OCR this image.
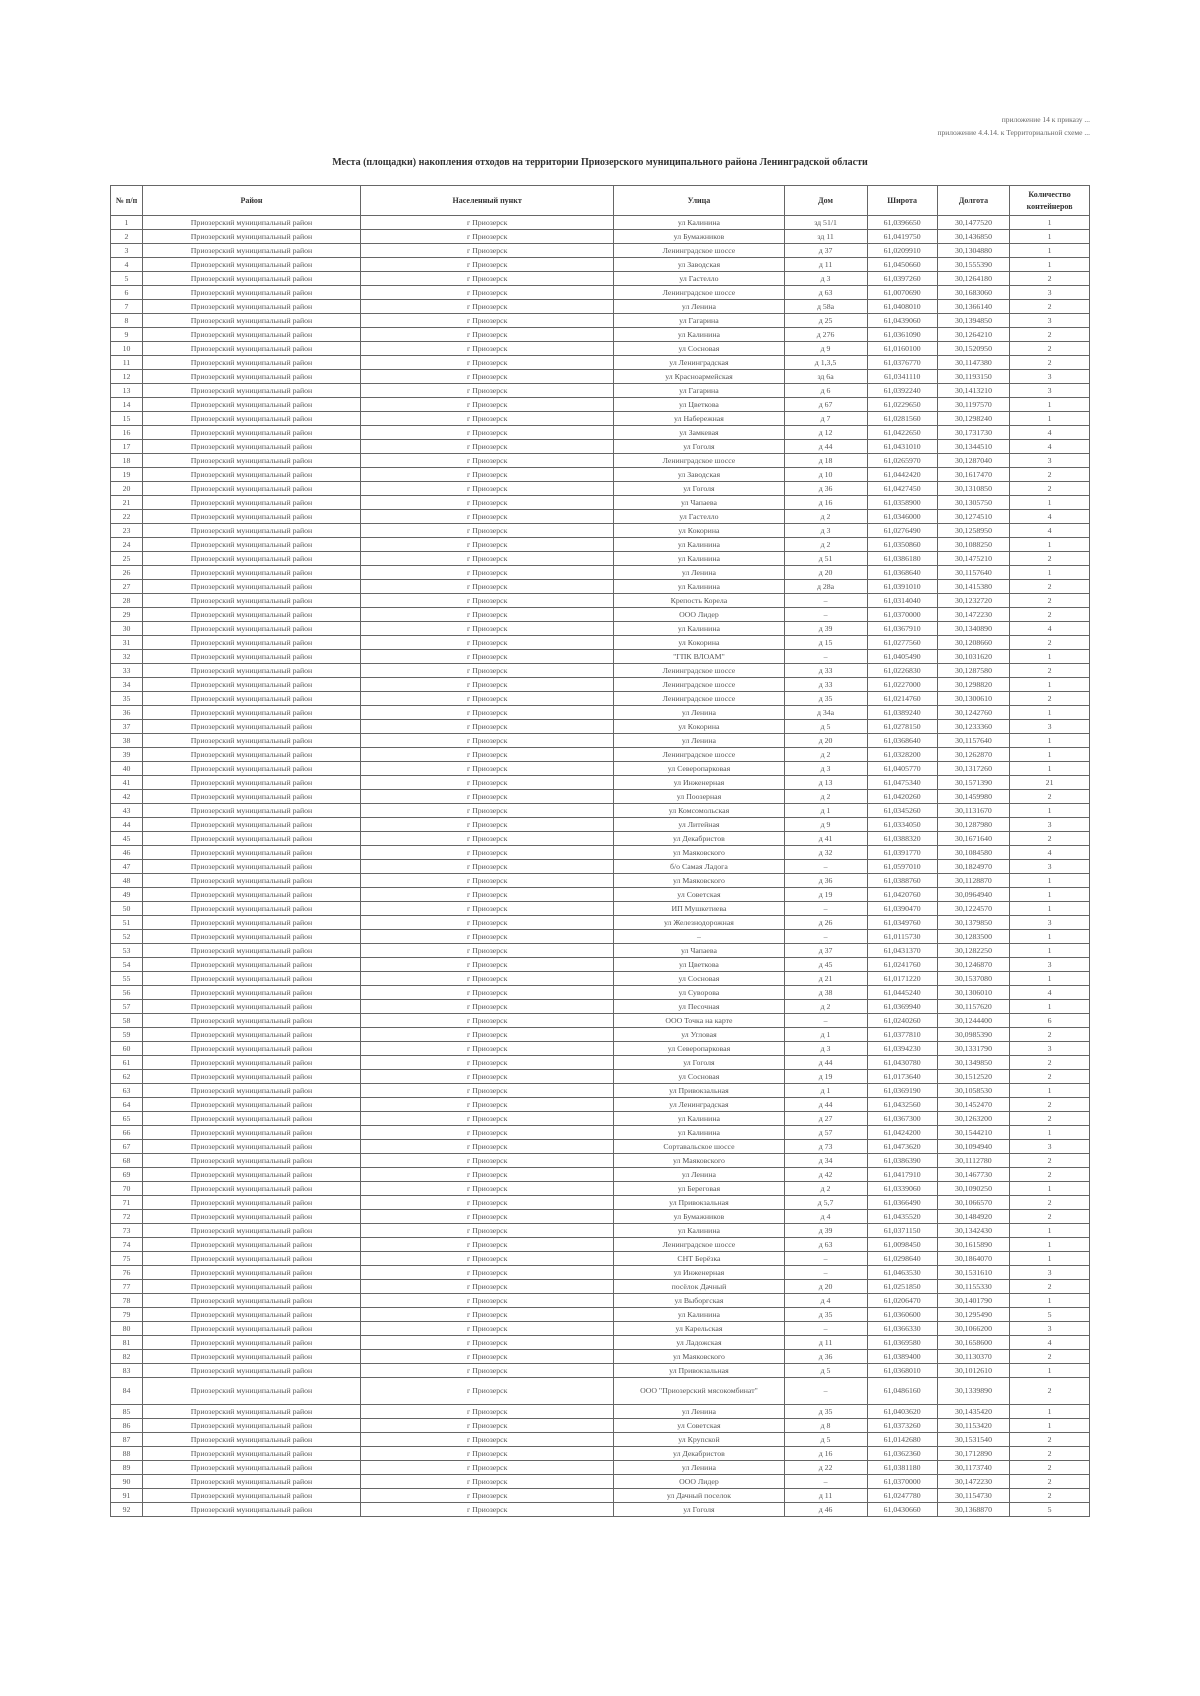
приложение 14 к приказу ...
приложение 4.4.14. к Территориальной схеме ...
Места (площадки) накопления отходов на территории Приозерского муниципального района Ленинградской области
№ п/п	Район	Населенный пункт	Улица	Дом	Широта	Долгота	Количество контейнеров
1	Приозерский муниципальный район	г Приозерск	ул Калинина	зд 51/1	61,0396650	30,1477520	1
2	Приозерский муниципальный район	г Приозерск	ул Бумажников	зд 11	61,0419750	30,1436850	1
3	Приозерский муниципальный район	г Приозерск	Ленинградское шоссе	д 37	61,0209910	30,1304880	1
4	Приозерский муниципальный район	г Приозерск	ул Заводская	д 11	61,0450660	30,1555390	1
5	Приозерский муниципальный район	г Приозерск	ул Гастелло	д 3	61,0397260	30,1264180	2
6	Приозерский муниципальный район	г Приозерск	Ленинградское шоссе	д 63	61,0070690	30,1683060	3
7	Приозерский муниципальный район	г Приозерск	ул Ленина	д 58а	61,0408010	30,1366140	2
8	Приозерский муниципальный район	г Приозерск	ул Гагарина	д 25	61,0439060	30,1394850	3
9	Приозерский муниципальный район	г Приозерск	ул Калинина	д 276	61,0361090	30,1264210	2
10	Приозерский муниципальный район	г Приозерск	ул Сосновая	д 9	61,0160100	30,1520950	2
11	Приозерский муниципальный район	г Приозерск	ул Ленинградская	д 1,3,5	61,0376770	30,1147380	2
12	Приозерский муниципальный район	г Приозерск	ул Красноармейская	зд 6а	61,0341110	30,1193150	3
13	Приозерский муниципальный район	г Приозерск	ул Гагарина	д 6	61,0392240	30,1413210	3
14	Приозерский муниципальный район	г Приозерск	ул Цветкова	д 67	61,0229650	30,1197570	1
15	Приозерский муниципальный район	г Приозерск	ул Набережная	д 7	61,0281560	30,1298240	1
16	Приозерский муниципальный район	г Приозерск	ул Замкевая	д 12	61,0422650	30,1731730	4
17	Приозерский муниципальный район	г Приозерск	ул Гоголя	д 44	61,0431010	30,1344510	4
18	Приозерский муниципальный район	г Приозерск	Ленинградское шоссе	д 18	61,0265970	30,1287040	3
19	Приозерский муниципальный район	г Приозерск	ул Заводская	д 10	61,0442420	30,1617470	2
20	Приозерский муниципальный район	г Приозерск	ул Гоголя	д 36	61,0427450	30,1310850	2
21	Приозерский муниципальный район	г Приозерск	ул Чапаева	д 16	61,0358900	30,1305750	1
22	Приозерский муниципальный район	г Приозерск	ул Гастелло	д 2	61,0346000	30,1274510	4
23	Приозерский муниципальный район	г Приозерск	ул Кокорина	д 3	61,0276490	30,1258950	4
24	Приозерский муниципальный район	г Приозерск	ул Калинина	д 2	61,0350860	30,1088250	1
25	Приозерский муниципальный район	г Приозерск	ул Калинина	д 51	61,0386180	30,1475210	2
26	Приозерский муниципальный район	г Приозерск	ул Ленина	д 20	61,0368640	30,1157640	1
27	Приозерский муниципальный район	г Приозерск	ул Калинина	д 28а	61,0391010	30,1415380	2
28	Приозерский муниципальный район	г Приозерск	Крепость Корела	–	61,0314040	30,1232720	2
29	Приозерский муниципальный район	г Приозерск	ООО Лидер	–	61,0370000	30,1472230	2
30	Приозерский муниципальный район	г Приозерск	ул Калинина	д 39	61,0367910	30,1340890	4
31	Приозерский муниципальный район	г Приозерск	ул Кокорина	д 15	61,0277560	30,1208660	2
32	Приозерский муниципальный район	г Приозерск	"ГПК ВЛОАМ"	–	61,0405490	30,1031620	1
33	Приозерский муниципальный район	г Приозерск	Ленинградское шоссе	д 33	61,0226830	30,1287580	2
34	Приозерский муниципальный район	г Приозерск	Ленинградское шоссе	д 33	61,0227000	30,1298820	1
35	Приозерский муниципальный район	г Приозерск	Ленинградское шоссе	д 35	61,0214760	30,1300610	2
36	Приозерский муниципальный район	г Приозерск	ул Ленина	д 34а	61,0389240	30,1242760	1
37	Приозерский муниципальный район	г Приозерск	ул Кокорина	д 5	61,0278150	30,1233360	3
38	Приозерский муниципальный район	г Приозерск	ул Ленина	д 20	61,0368640	30,1157640	1
39	Приозерский муниципальный район	г Приозерск	Ленинградское шоссе	д 2	61,0328200	30,1262870	1
40	Приозерский муниципальный район	г Приозерск	ул Северопарковая	д 3	61,0405770	30,1317260	1
41	Приозерский муниципальный район	г Приозерск	ул Инженерная	д 13	61,0475340	30,1571390	21
42	Приозерский муниципальный район	г Приозерск	ул Поозерная	д 2	61,0420260	30,1459980	2
43	Приозерский муниципальный район	г Приозерск	ул Комсомольская	д 1	61,0345260	30,1131670	1
44	Приозерский муниципальный район	г Приозерск	ул Литейная	д 9	61,0334050	30,1287980	3
45	Приозерский муниципальный район	г Приозерск	ул Декабристов	д 41	61,0388320	30,1671640	2
46	Приозерский муниципальный район	г Приозерск	ул Маяковского	д 32	61,0391770	30,1084580	4
47	Приозерский муниципальный район	г Приозерск	б/о Самая Ладога	–	61,0597010	30,1824970	3
48	Приозерский муниципальный район	г Приозерск	ул Маяковского	д 36	61,0388760	30,1128870	1
49	Приозерский муниципальный район	г Приозерск	ул Советская	д 19	61,0420760	30,0964940	1
50	Приозерский муниципальный район	г Приозерск	ИП Мушкетиева	–	61,0390470	30,1224570	1
51	Приозерский муниципальный район	г Приозерск	ул Железнодорожная	д 26	61,0349760	30,1379850	3
52	Приозерский муниципальный район	г Приозерск	–	–	61,0115730	30,1283500	1
53	Приозерский муниципальный район	г Приозерск	ул Чапаева	д 37	61,0431370	30,1282250	1
54	Приозерский муниципальный район	г Приозерск	ул Цветкова	д 45	61,0241760	30,1246870	3
55	Приозерский муниципальный район	г Приозерск	ул Сосновая	д 21	61,0171220	30,1537080	1
56	Приозерский муниципальный район	г Приозерск	ул Суворова	д 38	61,0445240	30,1306010	4
57	Приозерский муниципальный район	г Приозерск	ул Песочная	д 2	61,0369940	30,1157620	1
58	Приозерский муниципальный район	г Приозерск	ООО Точка на карте	–	61,0240260	30,1244400	6
59	Приозерский муниципальный район	г Приозерск	ул Угловая	д 1	61,0377810	30,0985390	2
60	Приозерский муниципальный район	г Приозерск	ул Северопарковая	д 3	61,0394230	30,1331790	3
61	Приозерский муниципальный район	г Приозерск	ул Гоголя	д 44	61,0430780	30,1349850	2
62	Приозерский муниципальный район	г Приозерск	ул Сосновая	д 19	61,0173640	30,1512520	2
63	Приозерский муниципальный район	г Приозерск	ул Привокзальная	д 1	61,0369190	30,1058530	1
64	Приозерский муниципальный район	г Приозерск	ул Ленинградская	д 44	61,0432560	30,1452470	2
65	Приозерский муниципальный район	г Приозерск	ул Калинина	д 27	61,0367300	30,1263200	2
66	Приозерский муниципальный район	г Приозерск	ул Калинина	д 57	61,0424200	30,1544210	1
67	Приозерский муниципальный район	г Приозерск	Сортавальское шоссе	д 73	61,0473620	30,1094940	3
68	Приозерский муниципальный район	г Приозерск	ул Маяковского	д 34	61,0386390	30,1112780	2
69	Приозерский муниципальный район	г Приозерск	ул Ленина	д 42	61,0417910	30,1467730	2
70	Приозерский муниципальный район	г Приозерск	ул Береговая	д 2	61,0339060	30,1090250	1
71	Приозерский муниципальный район	г Приозерск	ул Привокзальная	д 5,7	61,0366490	30,1066570	2
72	Приозерский муниципальный район	г Приозерск	ул Бумажников	д 4	61,0435520	30,1484920	2
73	Приозерский муниципальный район	г Приозерск	ул Калинина	д 39	61,0371150	30,1342430	1
74	Приозерский муниципальный район	г Приозерск	Ленинградское шоссе	д 63	61,0098450	30,1615890	1
75	Приозерский муниципальный район	г Приозерск	СНТ Берёзка	–	61,0298640	30,1864070	1
76	Приозерский муниципальный район	г Приозерск	ул Инженерная	–	61,0463530	30,1531610	3
77	Приозерский муниципальный район	г Приозерск	посёлок Дачный	д 20	61,0251850	30,1155330	2
78	Приозерский муниципальный район	г Приозерск	ул Выборгская	д 4	61,0206470	30,1401790	1
79	Приозерский муниципальный район	г Приозерск	ул Калинина	д 35	61,0360600	30,1295490	5
80	Приозерский муниципальный район	г Приозерск	ул Карельская	–	61,0366330	30,1066200	3
81	Приозерский муниципальный район	г Приозерск	ул Ладожская	д 11	61,0369580	30,1658600	4
82	Приозерский муниципальный район	г Приозерск	ул Маяковского	д 36	61,0389400	30,1130370	2
83	Приозерский муниципальный район	г Приозерск	ул Привокзальная	д 5	61,0368010	30,1012610	1
84	Приозерский муниципальный район	г Приозерск	ООО "Приозерский мясокомбинат"	–	61,0486160	30,1339890	2
85	Приозерский муниципальный район	г Приозерск	ул Ленина	д 35	61,0403620	30,1435420	1
86	Приозерский муниципальный район	г Приозерск	ул Советская	д 8	61,0373260	30,1153420	1
87	Приозерский муниципальный район	г Приозерск	ул Крупской	д 5	61,0142680	30,1531540	2
88	Приозерский муниципальный район	г Приозерск	ул Декабристов	д 16	61,0362360	30,1712890	2
89	Приозерский муниципальный район	г Приозерск	ул Ленина	д 22	61,0381180	30,1173740	2
90	Приозерский муниципальный район	г Приозерск	ООО Лидер	–	61,0370000	30,1472230	2
91	Приозерский муниципальный район	г Приозерск	ул Дачный поселок	д 11	61,0247780	30,1154730	2
92	Приозерский муниципальный район	г Приозерск	ул Гоголя	д 46	61,0430660	30,1368870	5
